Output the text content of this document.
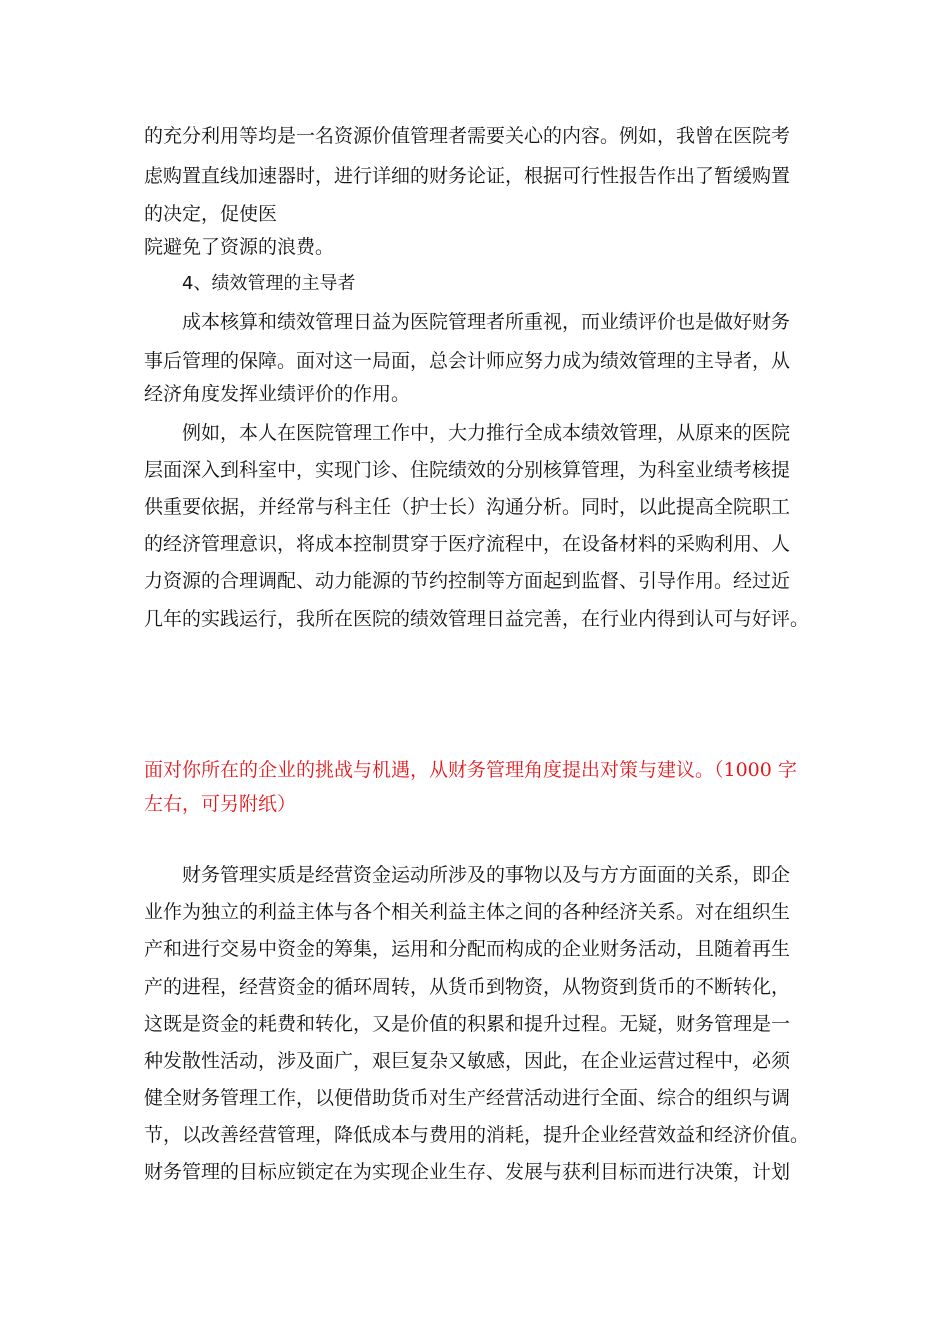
的充分利用等均是一名资源价值管理者需要关心的内容。例如，我曾在医院考
虑购置直线加速器时，进行详细的财务论证，根据可行性报告作出了暂缓购置
的决定，促使医
院避免了资源的浪费。
4、绩效管理的主导者
成本核算和绩效管理日益为医院管理者所重视，而业绩评价也是做好财务
事后管理的保障。面对这一局面，总会计师应努力成为绩效管理的主导者，从
经济角度发挥业绩评价的作用。
例如，本人在医院管理工作中，大力推行全成本绩效管理，从原来的医院
层面深入到科室中，实现门诊、住院绩效的分别核算管理，为科室业绩考核提
供重要依据，并经常与科主任（护士长）沟通分析。同时，以此提高全院职工
的经济管理意识，将成本控制贯穿于医疗流程中，在设备材料的采购利用、人
力资源的合理调配、动力能源的节约控制等方面起到监督、引导作用。经过近
几年的实践运行，我所在医院的绩效管理日益完善，在行业内得到认可与好评。
面对你所在的企业的挑战与机遇，从财务管理角度提出对策与建议。（1000 字
左右，可另附纸）
财务管理实质是经营资金运动所涉及的事物以及与方方面面的关系，即企
业作为独立的利益主体与各个相关利益主体之间的各种经济关系。对在组织生
产和进行交易中资金的筹集，运用和分配而构成的企业财务活动，且随着再生
产的进程，经营资金的循环周转，从货币到物资，从物资到货币的不断转化，
这既是资金的耗费和转化，又是价值的积累和提升过程。无疑，财务管理是一
种发散性活动，涉及面广，艰巨复杂又敏感，因此，在企业运营过程中，必须
健全财务管理工作，以便借助货币对生产经营活动进行全面、综合的组织与调
节，以改善经营管理，降低成本与费用的消耗，提升企业经营效益和经济价值。
财务管理的目标应锁定在为实现企业生存、发展与获利目标而进行决策，计划
